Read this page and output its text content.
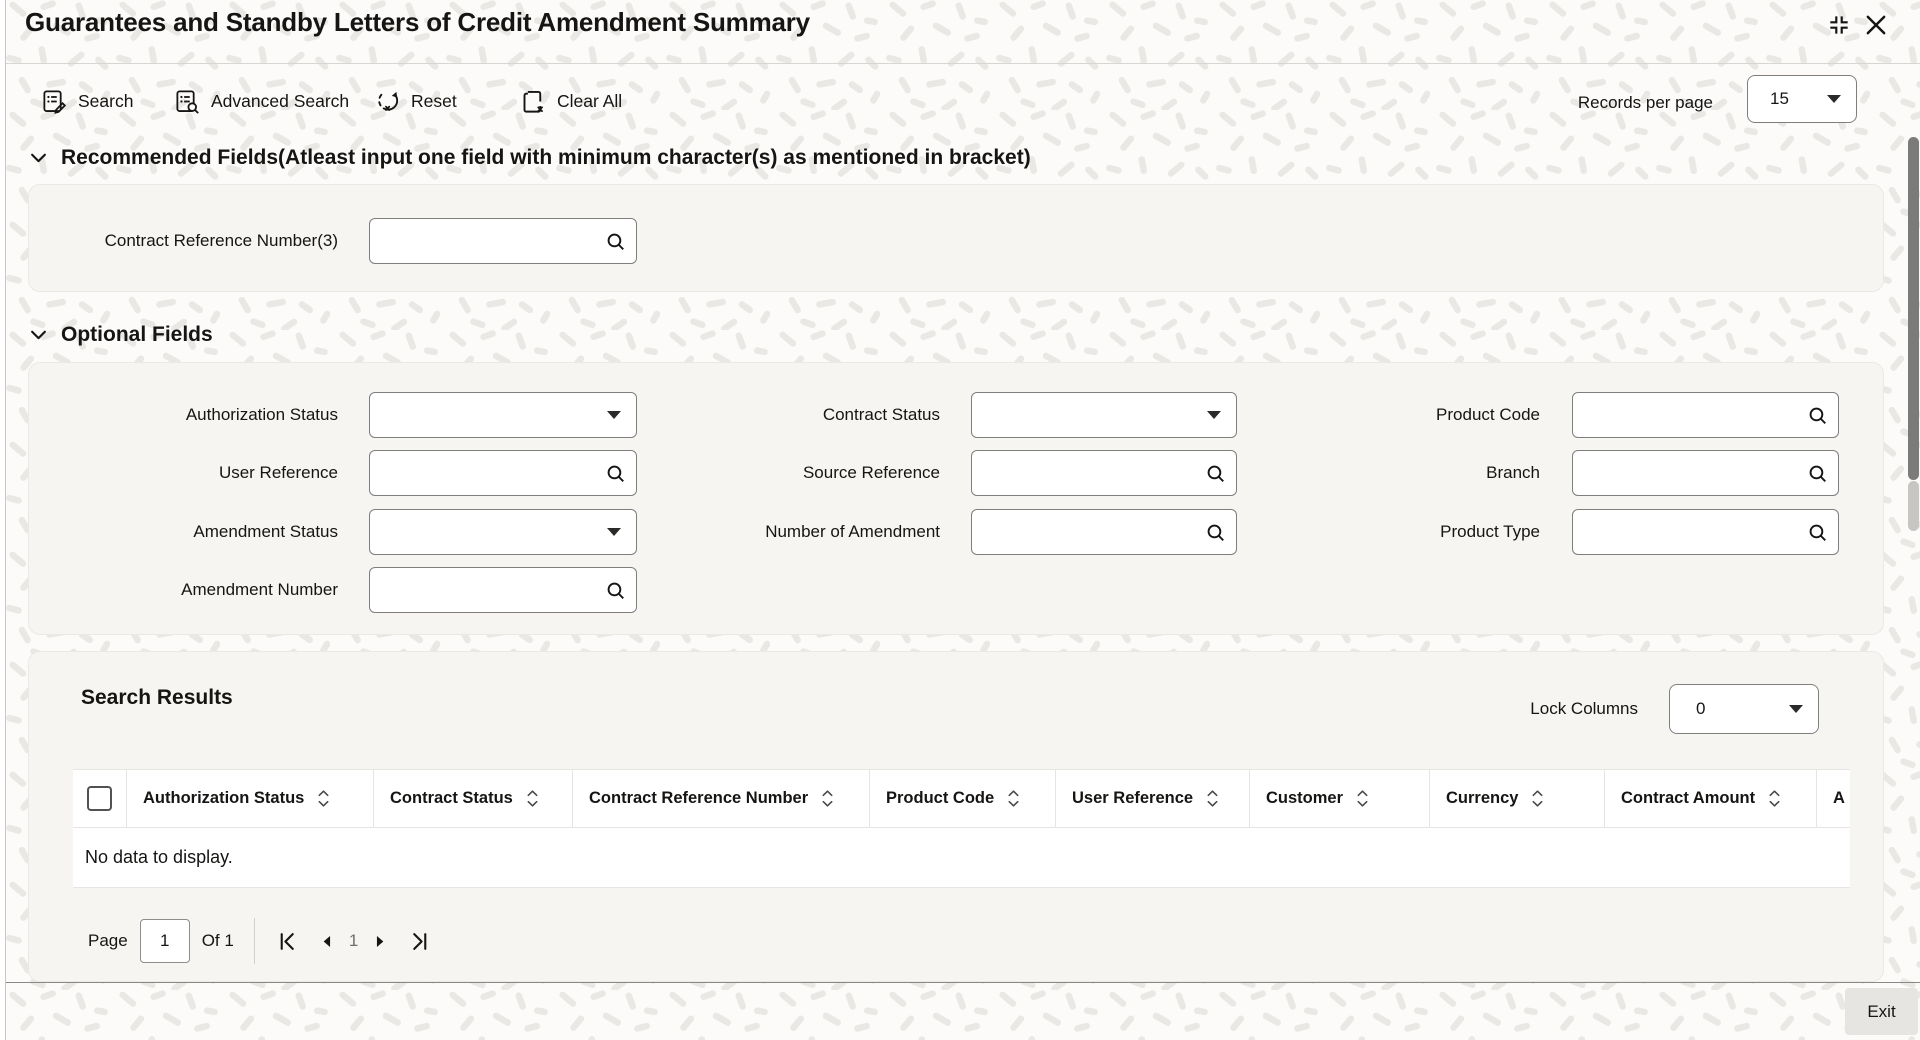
Guarantees and Standby Letters of Credit Amendment Summary
Search	Advanced Search	Reset	Clear All	Records per page	15
Recommended Fields(Atleast input one field with minimum character(s) as mentioned in bracket)
Contract Reference Number(3)
Optional Fields
Authorization Status	Contract Status	Product Code
User Reference	Source Reference	Branch
Amendment Status	Number of Amendment	Product Type
Amendment Number
Search Results	Lock Columns	0
Authorization Status	Contract Status	Contract Reference Number	Product Code	User Reference	Customer	Currency	Contract Amount	A
No data to display.
Page 1 Of 1	1
Exit
